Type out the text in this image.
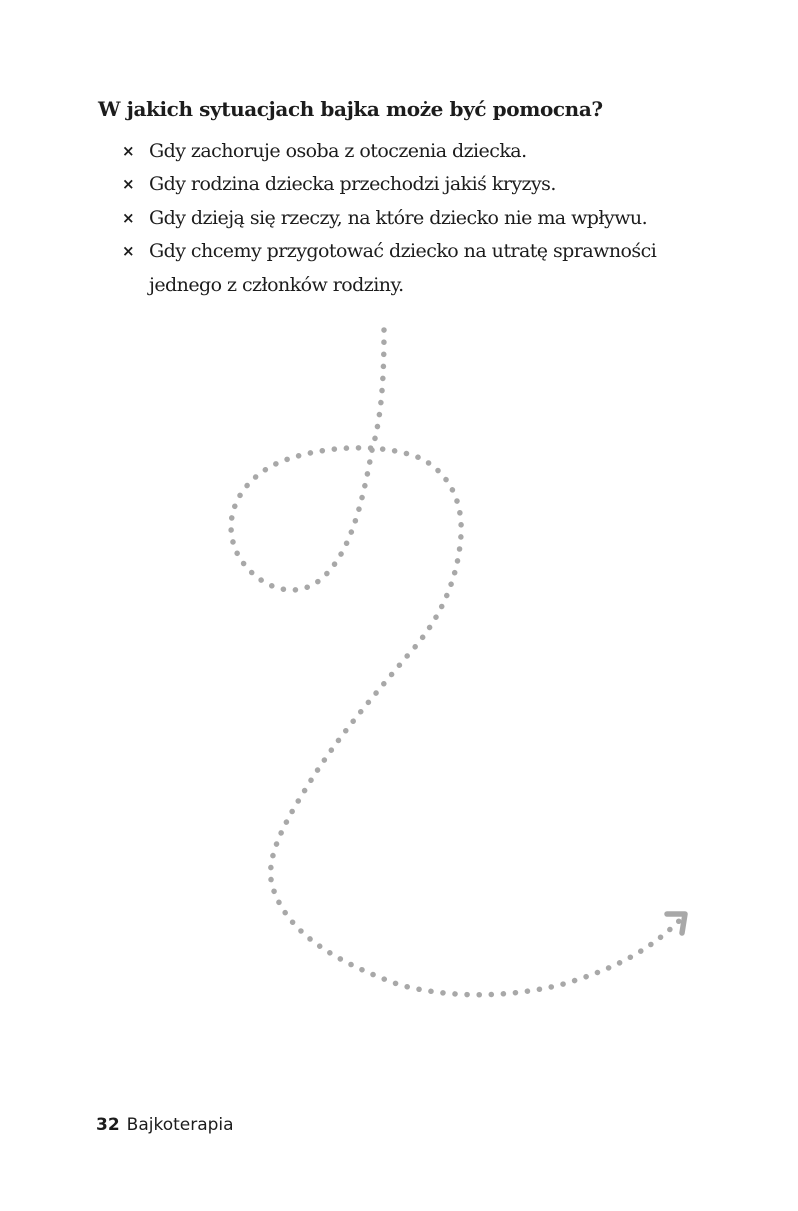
W jakich sytuacjach bajka może być pomocna?
× Gdy zachoruje osoba z otoczenia dziecka.
× Gdy rodzina dziecka przechodzi jakiś kryzys.
× Gdy dzieją się rzeczy, na które dziecko nie ma wpływu.
× Gdy chcemy przygotować dziecko na utratę sprawności jednego z członków rodziny.
32 Bajkoterapia
